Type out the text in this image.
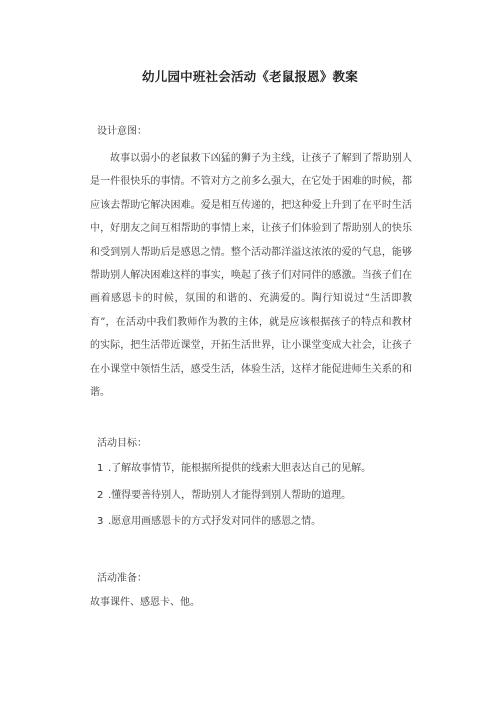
幼儿园中班社会活动《老鼠报恩》教案

设计意图：

故事以弱小的老鼠救下凶猛的狮子为主线，让孩子了解到了帮助别人是一件很快乐的事情。不管对方之前多么强大，在它处于困难的时候，都应该去帮助它解决困难。爱是相互传递的，把这种爱上升到了在平时生活中，好朋友之间互相帮助的事情上来，让孩子们体验到了帮助别人的快乐和受到别人帮助后是感恩之情。整个活动都洋溢这浓浓的爱的气息，能够帮助别人解决困难这样的事实，唤起了孩子们对同伴的感激。当孩子们在画着感恩卡的时候，氛围的和谐的、充满爱的。陶行知说过“生活即教育”，在活动中我们教师作为教的主体，就是应该根据孩子的特点和教材的实际，把生活带近课堂，开拓生活世界，让小课堂变成大社会，让孩子在小课堂中领悟生活，感受生活，体验生活，这样才能促进师生关系的和谐。

活动目标：

1 .了解故事情节，能根据所提供的线索大胆表达自己的见解。

2 .懂得要善待别人，帮助别人才能得到别人帮助的道理。

3 .愿意用画感恩卡的方式抒发对同伴的感恩之情。

活动准备：

故事课件、感恩卡、他。
